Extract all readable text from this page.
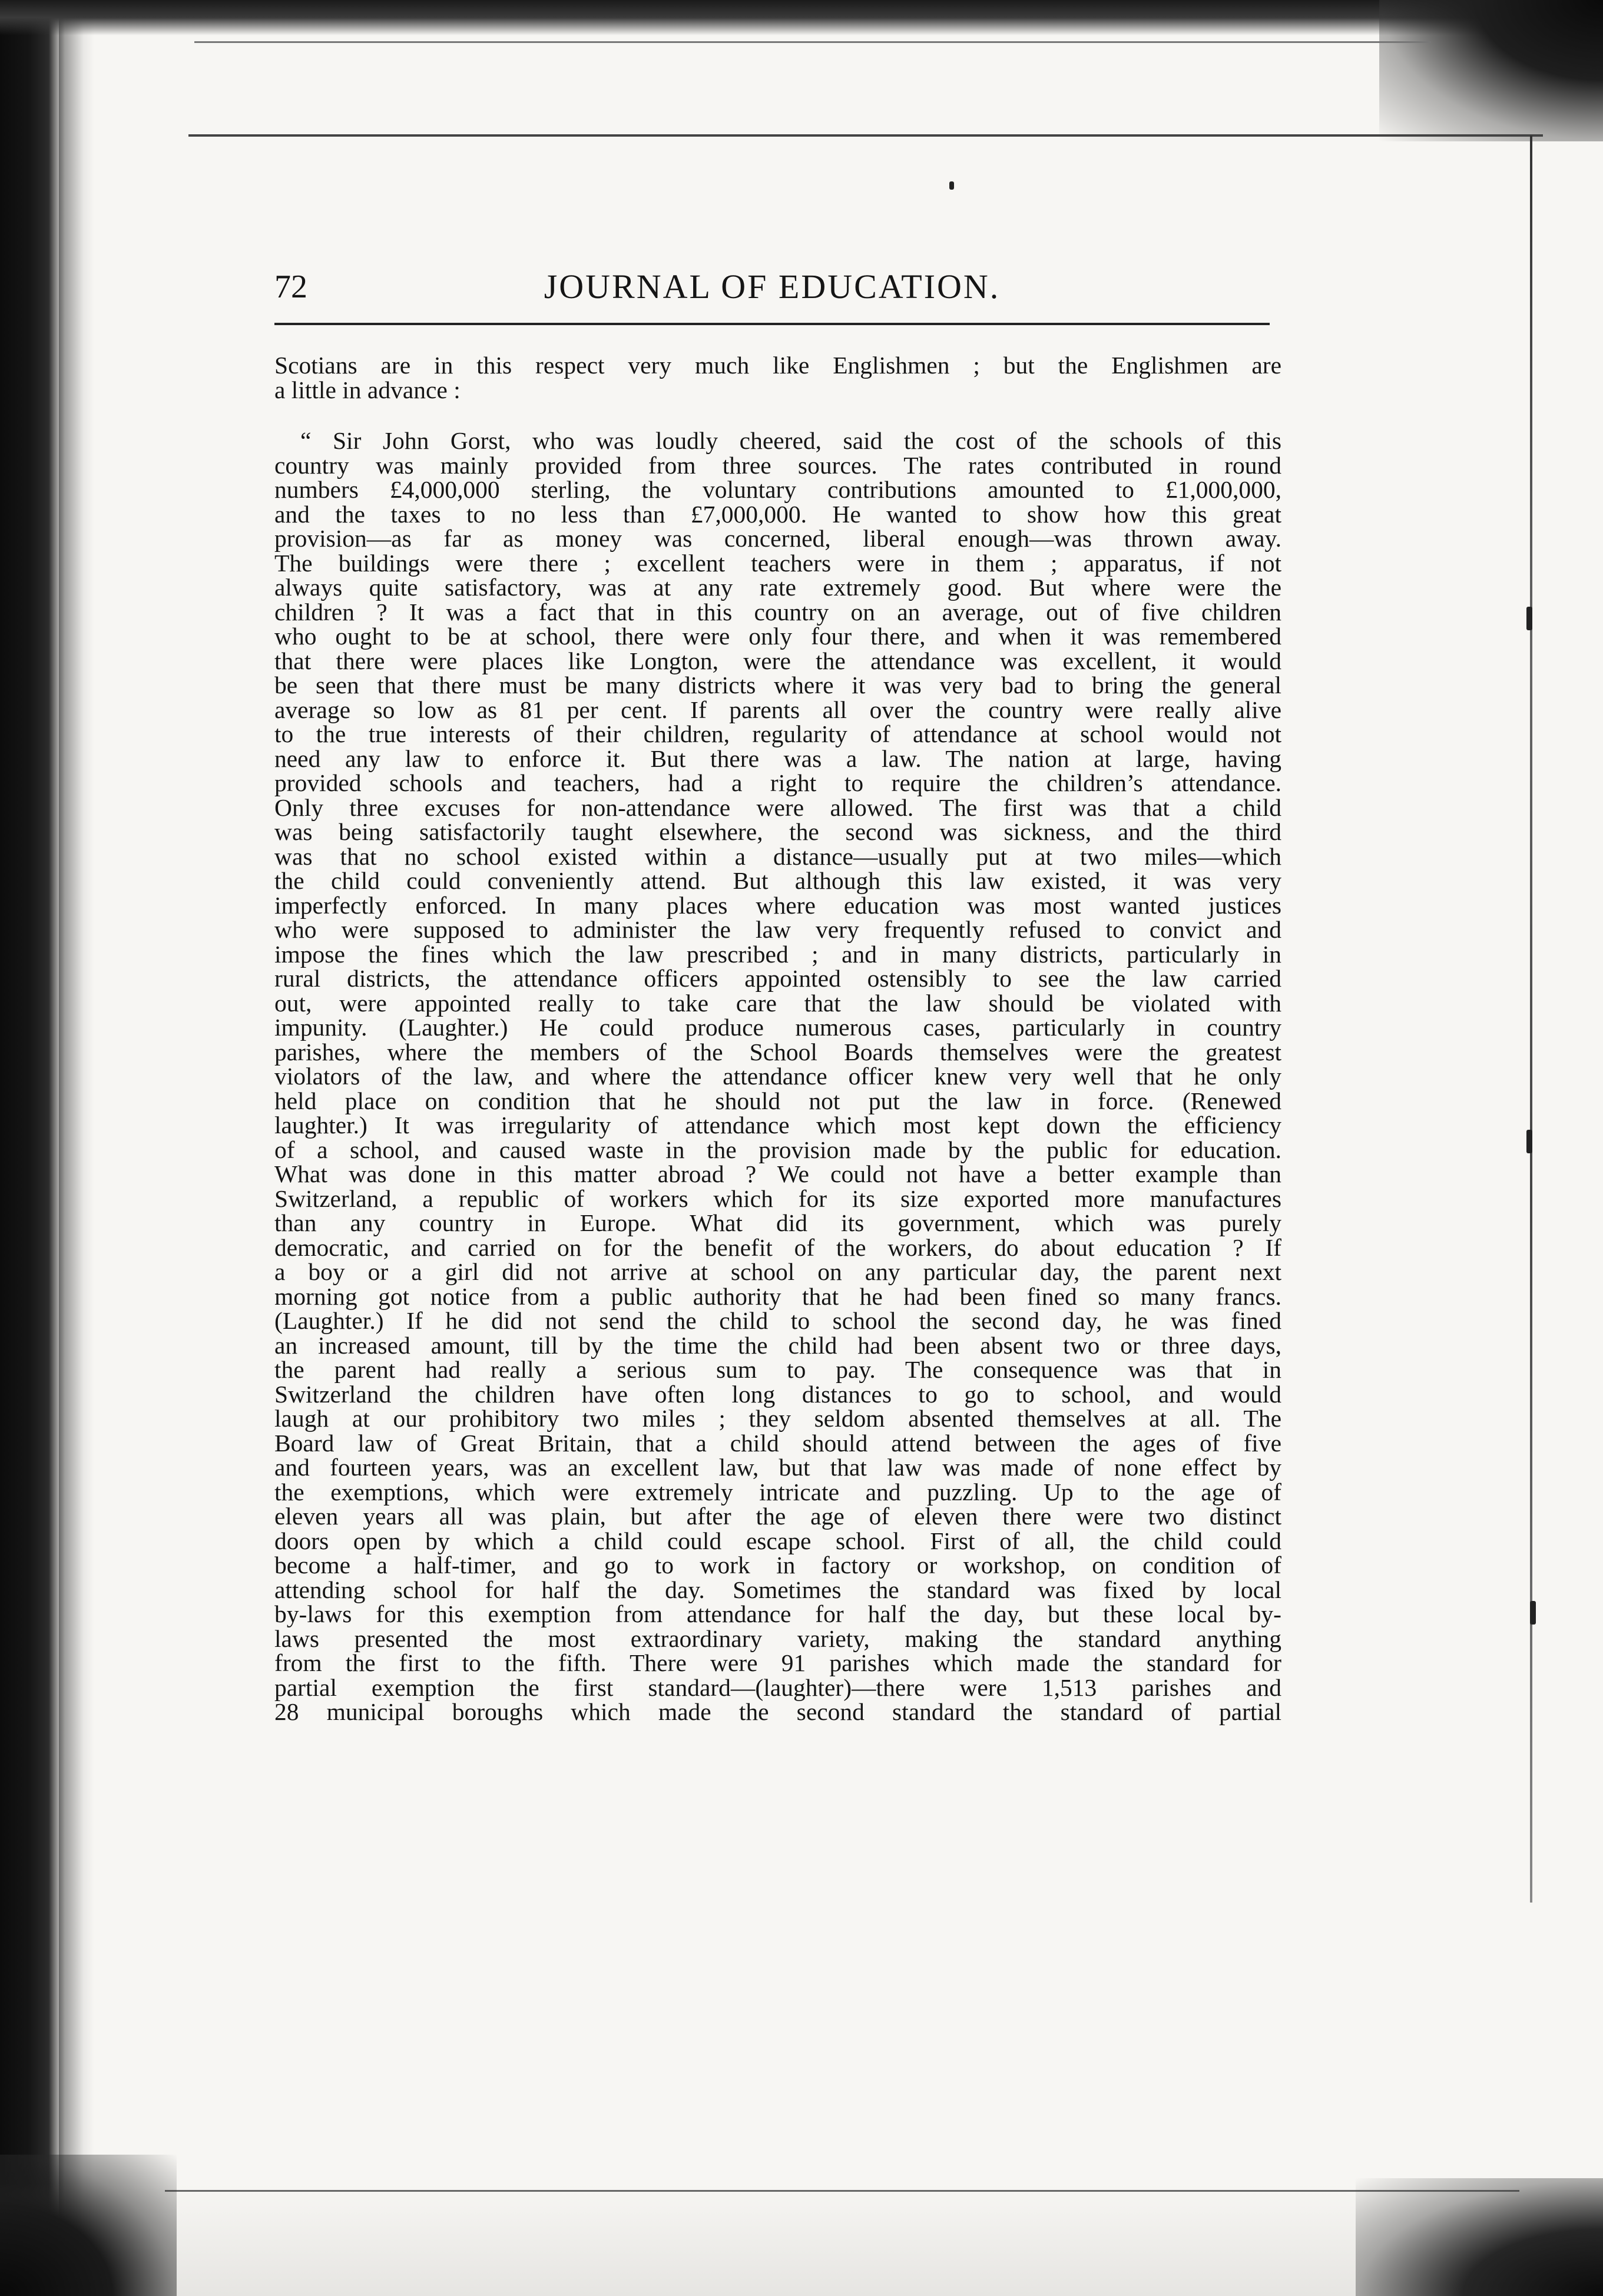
72	JOURNAL OF EDUCATION.
Scotians are in this respect very much like Englishmen ; but the Englishmen are
a little in advance :
“ Sir John Gorst, who was loudly cheered, said the cost of the schools of this
country was mainly provided from three sources. The rates contributed in round
numbers £4,000,000 sterling, the voluntary contributions amounted to £1,000,000,
and the taxes to no less than £7,000,000. He wanted to show how this great
provision—as far as money was concerned, liberal enough—was thrown away.
The buildings were there ; excellent teachers were in them ; apparatus, if not
always quite satisfactory, was at any rate extremely good. But where were the
children ? It was a fact that in this country on an average, out of five children
who ought to be at school, there were only four there, and when it was remembered
that there were places like Longton, were the attendance was excellent, it would
be seen that there must be many districts where it was very bad to bring the general
average so low as 81 per cent. If parents all over the country were really alive
to the true interests of their children, regularity of attendance at school would not
need any law to enforce it. But there was a law. The nation at large, having
provided schools and teachers, had a right to require the children’s attendance.
Only three excuses for non-attendance were allowed. The first was that a child
was being satisfactorily taught elsewhere, the second was sickness, and the third
was that no school existed within a distance—usually put at two miles—which
the child could conveniently attend. But although this law existed, it was very
imperfectly enforced. In many places where education was most wanted justices
who were supposed to administer the law very frequently refused to convict and
impose the fines which the law prescribed ; and in many districts, particularly in
rural districts, the attendance officers appointed ostensibly to see the law carried
out, were appointed really to take care that the law should be violated with
impunity. (Laughter.) He could produce numerous cases, particularly in country
parishes, where the members of the School Boards themselves were the greatest
violators of the law, and where the attendance officer knew very well that he only
held place on condition that he should not put the law in force. (Renewed
laughter.) It was irregularity of attendance which most kept down the efficiency
of a school, and caused waste in the provision made by the public for education.
What was done in this matter abroad ? We could not have a better example than
Switzerland, a republic of workers which for its size exported more manufactures
than any country in Europe. What did its government, which was purely
democratic, and carried on for the benefit of the workers, do about education ? If
a boy or a girl did not arrive at school on any particular day, the parent next
morning got notice from a public authority that he had been fined so many francs.
(Laughter.) If he did not send the child to school the second day, he was fined
an increased amount, till by the time the child had been absent two or three days,
the parent had really a serious sum to pay. The consequence was that in
Switzerland the children have often long distances to go to school, and would
laugh at our prohibitory two miles ; they seldom absented themselves at all. The
Board law of Great Britain, that a child should attend between the ages of five
and fourteen years, was an excellent law, but that law was made of none effect by
the exemptions, which were extremely intricate and puzzling. Up to the age of
eleven years all was plain, but after the age of eleven there were two distinct
doors open by which a child could escape school. First of all, the child could
become a half-timer, and go to work in factory or workshop, on condition of
attending school for half the day. Sometimes the standard was fixed by local
by-laws for this exemption from attendance for half the day, but these local by-
laws presented the most extraordinary variety, making the standard anything
from the first to the fifth. There were 91 parishes which made the standard for
partial exemption the first standard—(laughter)—there were 1,513 parishes and
28 municipal boroughs which made the second standard the standard of partial
